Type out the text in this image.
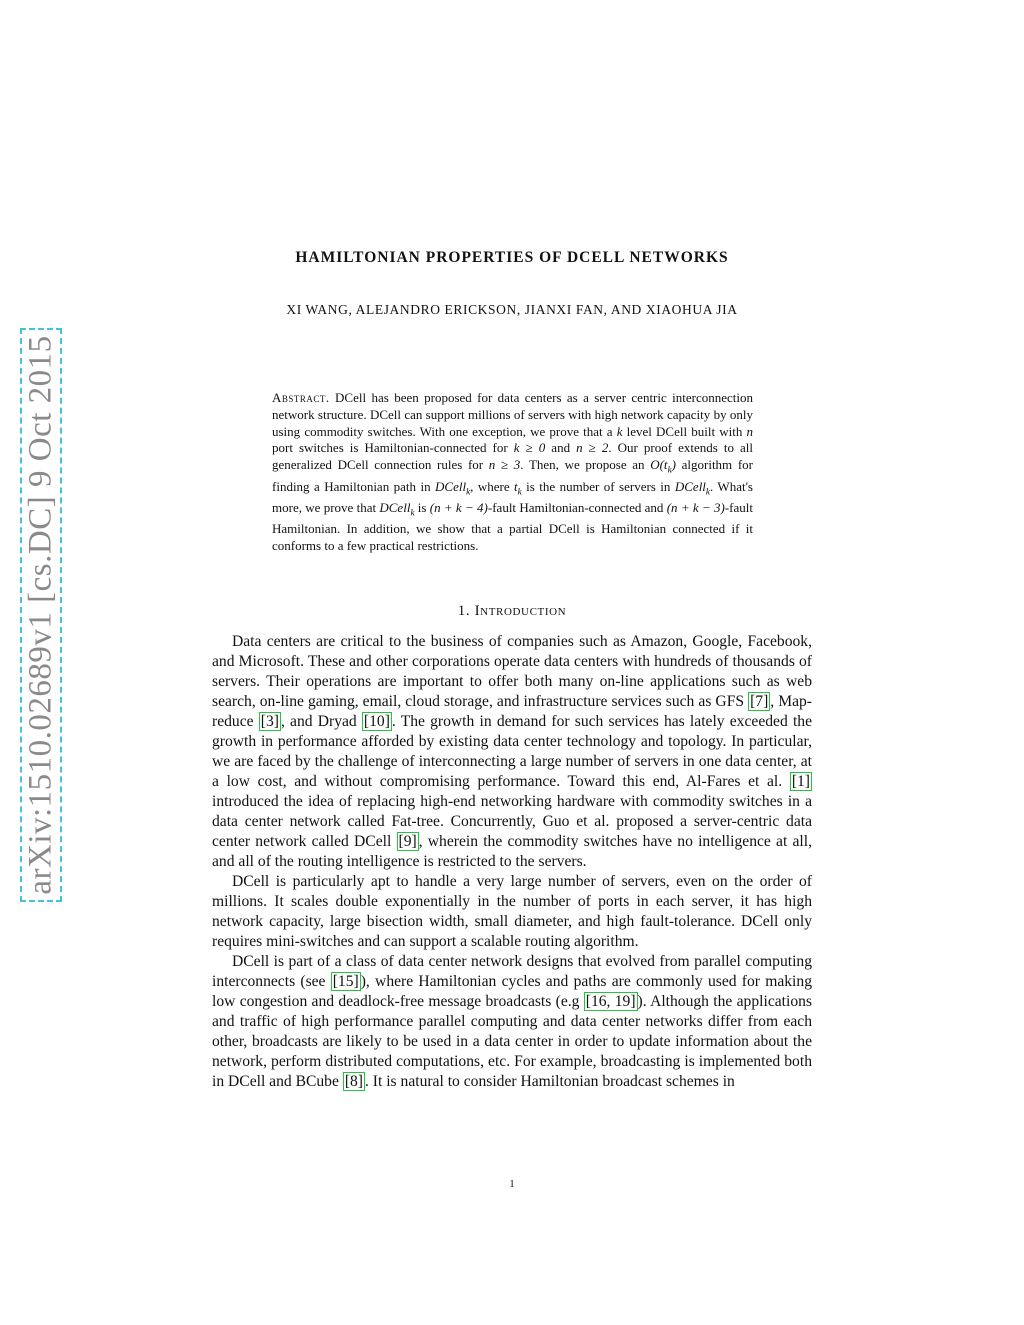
arXiv:1510.02689v1 [cs.DC] 9 Oct 2015
HAMILTONIAN PROPERTIES OF DCELL NETWORKS
XI WANG, ALEJANDRO ERICKSON, JIANXI FAN, AND XIAOHUA JIA
Abstract. DCell has been proposed for data centers as a server centric interconnection network structure. DCell can support millions of servers with high network capacity by only using commodity switches. With one exception, we prove that a k level DCell built with n port switches is Hamiltonian-connected for k ≥ 0 and n ≥ 2. Our proof extends to all generalized DCell connection rules for n ≥ 3. Then, we propose an $O(t_k)$ algorithm for finding a Hamiltonian path in DCell$_k$, where $t_k$ is the number of servers in DCell$_k$. What's more, we prove that DCell$_k$ is (n + k − 4)-fault Hamiltonian-connected and (n + k − 3)-fault Hamiltonian. In addition, we show that a partial DCell is Hamiltonian connected if it conforms to a few practical restrictions.
1. Introduction

Data centers are critical to the business of companies such as Amazon, Google, Facebook, and Microsoft. These and other corporations operate data centers with hundreds of thousands of servers. Their operations are important to offer both many on-line applications such as web search, on-line gaming, email, cloud storage, and infrastructure services such as GFS [7] , Map-reduce [3] , and Dryad [10] . The growth in demand for such services has lately exceeded the growth in performance afforded by existing data center technology and topology. In particular, we are faced by the challenge of interconnecting a large number of servers in one data center, at a low cost, and without compromising performance. Toward this end, Al-Fares et al. [1] introduced the idea of replacing high-end networking hardware with commodity switches in a data center network called Fat-tree. Concurrently, Guo et al. proposed a server-centric data center network called DCell [9] , wherein the commodity switches have no intelligence at all, and all of the routing intelligence is restricted to the servers.

DCell is particularly apt to handle a very large number of servers, even on the order of millions. It scales double exponentially in the number of ports in each server, it has high network capacity, large bisection width, small diameter, and high fault-tolerance. DCell only requires mini-switches and can support a scalable routing algorithm.

DCell is part of a class of data center network designs that evolved from parallel computing interconnects (see [15] ), where Hamiltonian cycles and paths are commonly used for making low congestion and deadlock-free message broadcasts (e.g [16, 19] ). Although the applications and traffic of high performance parallel computing and data center networks differ from each other, broadcasts are likely to be used in a data center in order to update information about the network, perform distributed computations, etc. For example, broadcasting is implemented both in DCell and BCube [8] . It is natural to consider Hamiltonian broadcast schemes in

1
